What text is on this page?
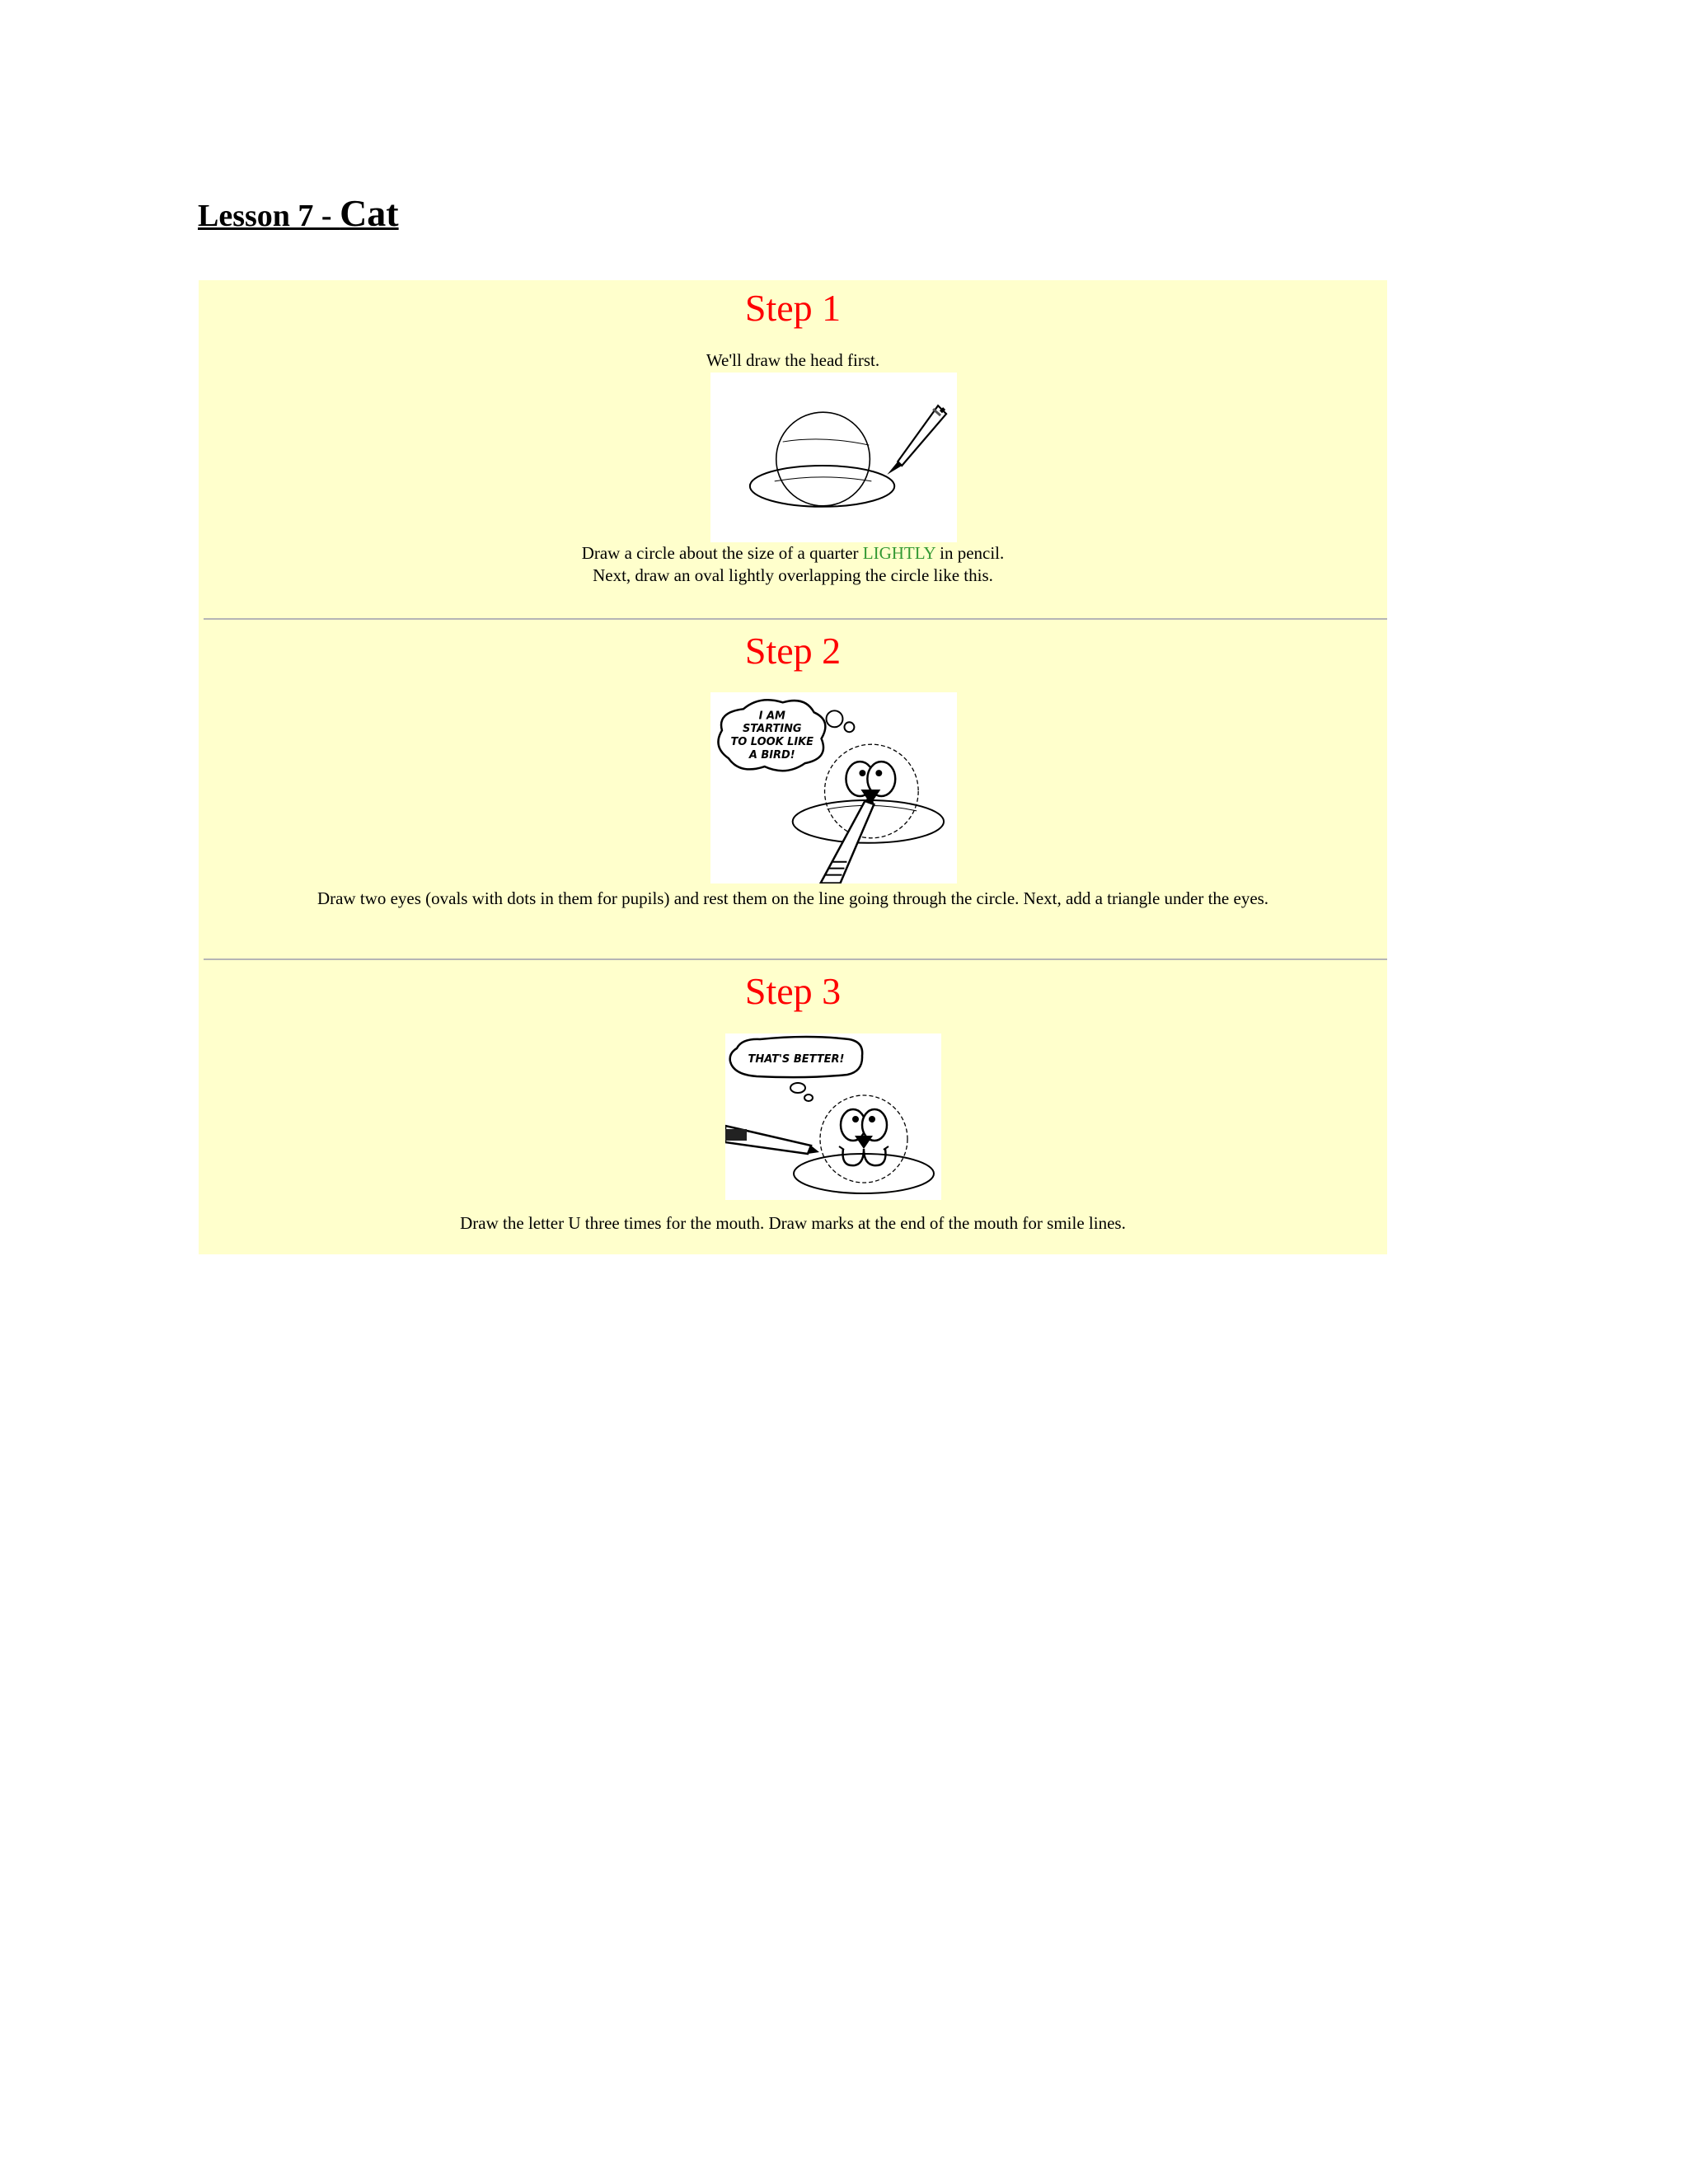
Lesson 7 - Cat
Step 1
We'll draw the head first.
Draw a circle about the size of a quarter LIGHTLY in pencil.
Next, draw an oval lightly overlapping the circle like this.
Step 2
I AM
STARTING
TO LOOK LIKE
A BIRD!
Draw two eyes (ovals with dots in them for pupils) and rest them on the line going through the circle. Next, add a triangle under the eyes.
Step 3
THAT'S BETTER!
Draw the letter U three times for the mouth. Draw marks at the end of the mouth for smile lines.
